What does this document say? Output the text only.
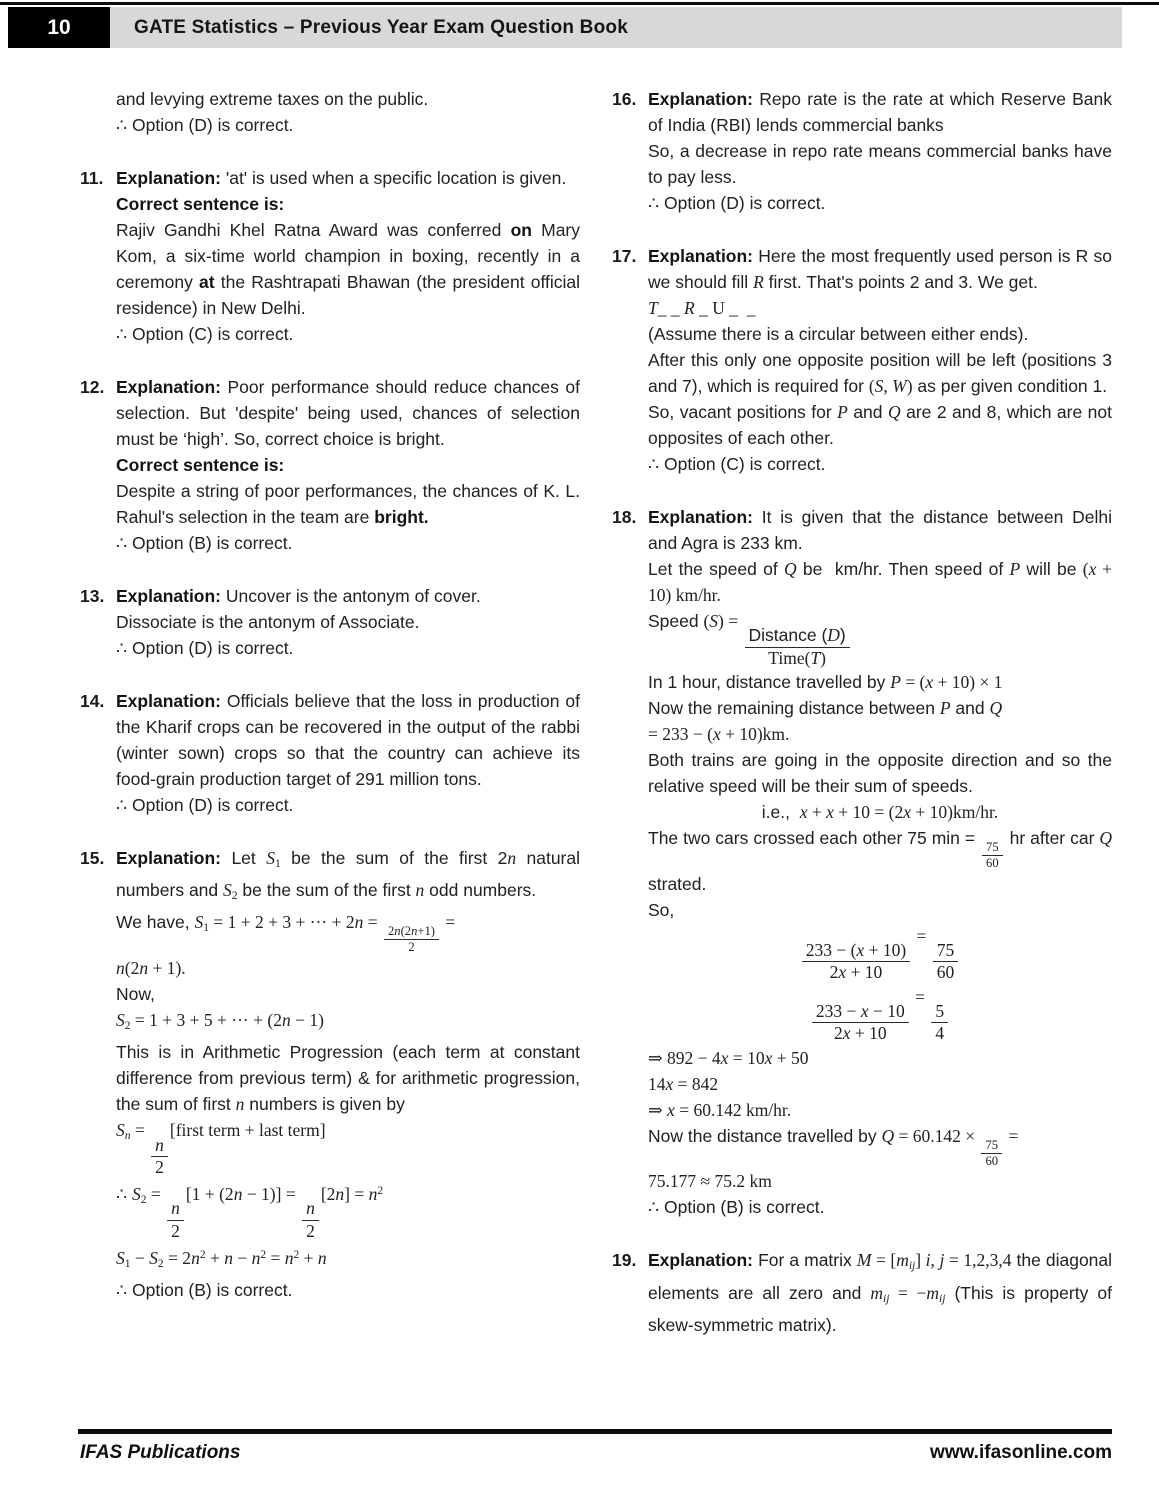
10	GATE Statistics – Previous Year Exam Question Book

and levying extreme taxes on the public.

∴ Option (D) is correct.

11. Explanation: 'at' is used when a specific location is given.

Correct sentence is:

Rajiv Gandhi Khel Ratna Award was conferred on Mary Kom, a six-time world champion in boxing, recently in a ceremony at the Rashtrapati Bhawan (the president official residence) in New Delhi.

∴ Option (C) is correct.

12. Explanation: Poor performance should reduce chances of selection. But 'despite' being used, chances of selection must be ‘high’. So, correct choice is bright.

Correct sentence is:

Despite a string of poor performances, the chances of K. L. Rahul's selection in the team are bright.

∴ Option (B) is correct.

13. Explanation: Uncover is the antonym of cover.

Dissociate is the antonym of Associate.

∴ Option (D) is correct.

14. Explanation: Officials believe that the loss in production of the Kharif crops can be recovered in the output of the rabbi (winter sown) crops so that the country can achieve its food-grain production target of 291 million tons.

∴ Option (D) is correct.

15. Explanation: Let $S_1$ be the sum of the first 2n natural numbers and $S_2$ be the sum of the first n odd numbers.

We have, $S_1 = 1 + 2 + 3$ + ··· + 2n =
$\frac{2n(2n+1)}{2}$
=

n(2n + 1).

Now,

$S_2 = 1 + 3 + 5$ + ··· + (2n − 1)

This is in Arithmetic Progression (each term at constant difference from previous term) & for arithmetic progression, the sum of first n numbers is given by

Sn =
$\frac{n}{2}$
[first term + last term]

∴ $S_2$ =
$\frac{n}{2}$
[1 + (2n − 1)] =
$\frac{n}{2}$
$[2n] = n^2$

$S_1 - S_2 = 2n^2 + n - n^2 = n^2 + n$

∴ Option (B) is correct.

16. Explanation: Repo rate is the rate at which Reserve Bank of India (RBI) lends commercial banks

So, a decrease in repo rate means commercial banks have to pay less.

∴ Option (D) is correct.

17. Explanation: Here the most frequently used person is R so we should fill R first. That's points 2 and 3. We get.

T_ _ R _ U _  _

(Assume there is a circular between either ends).

After this only one opposite position will be left (positions 3 and 7), which is required for (S, W) as per given condition 1.

So, vacant positions for P and Q are 2 and 8, which are not opposites of each other.

∴ Option (C) is correct.

18. Explanation: It is given that the distance between Delhi and Agra is 233 km.

Let the speed of Q be  km/hr. Then speed of P will be (x + 10) km/hr.

Speed (S) =
$\frac{\text{Distance (D)}}{\text{Time(T)}}$

In 1 hour, distance travelled by P = (x + 10) × 1

Now the remaining distance between P and Q

= 233 − (x + 10)km.

Both trains are going in the opposite direction and so the relative speed will be their sum of speeds.

i.e.,  x + x + 10 = (2x + 10)km/hr.

The two cars crossed each other 75 min =
$\frac{75}{60}$
hr after car Q strated.

So,

$\frac{233 - (x + 10)}{2x + 10}$
=
$\frac{75}{60}$

$\frac{233 - x - 10}{2x + 10}$
=
$\frac{5}{4}$

⇒ 892 − 4x = 10x + 50

14x = 842

⇒ x = 60.142 km/hr.

Now the distance travelled by Q = 60.142 ×
$\frac{75}{60}$
=

75.177 ≈ 75.2 km

∴ Option (B) is correct.

19. Explanation: For a matrix M = [mij] i, j = 1,2,3,4 the diagonal elements are all zero and mij = −mij (This is property of skew-symmetric matrix).

IFAS Publications	www.ifasonline.com
